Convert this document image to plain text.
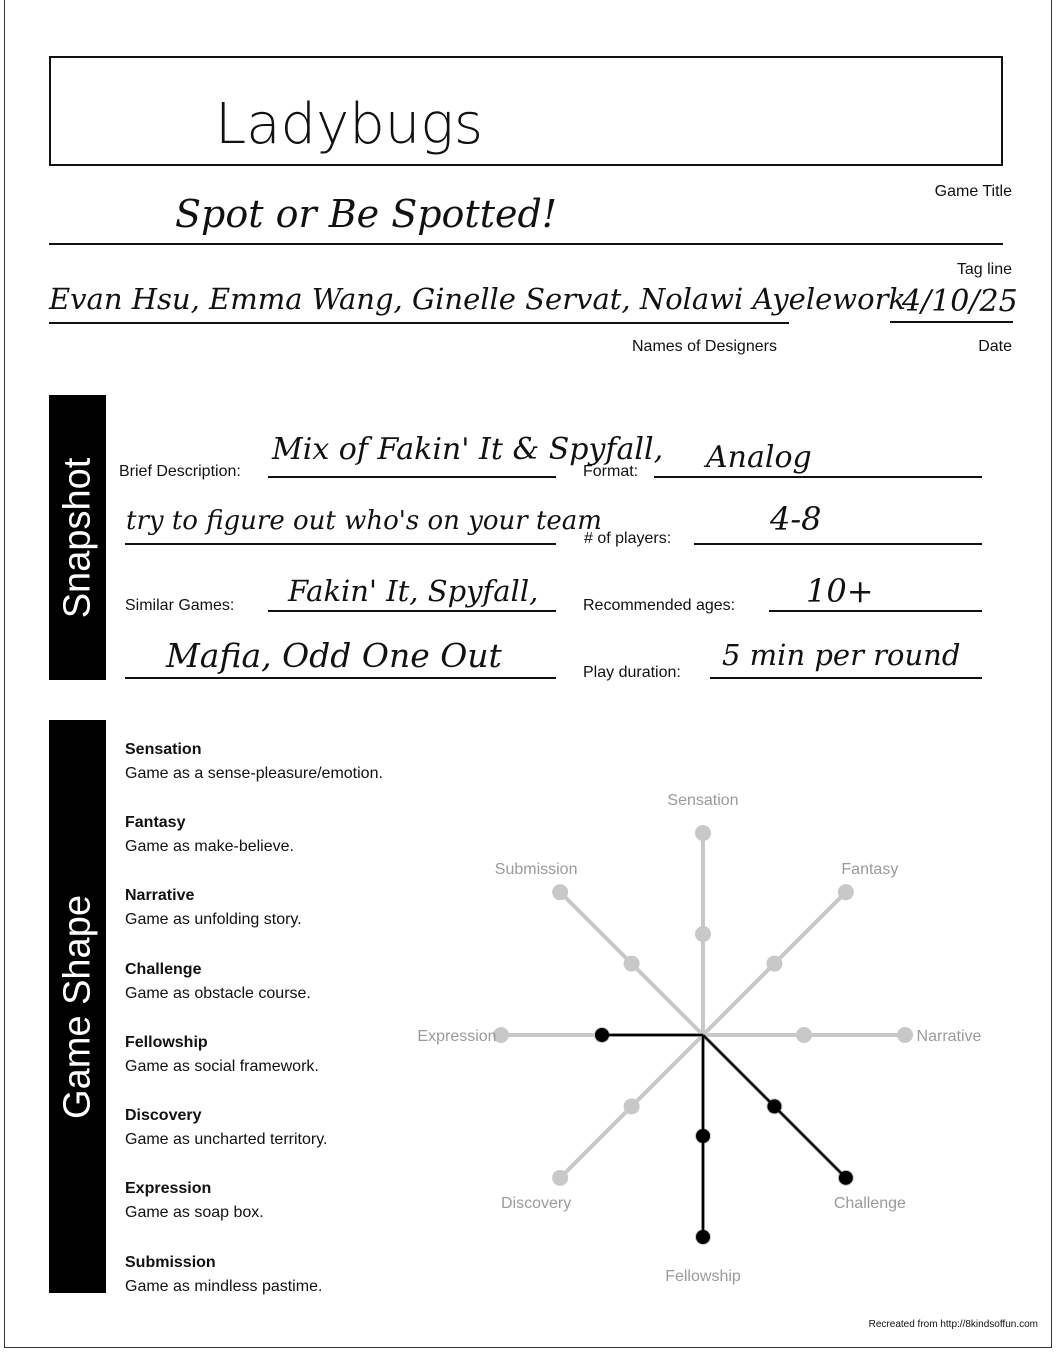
Ladybugs
Game Title
Spot or Be Spotted!
Tag line
Evan Hsu, Emma Wang, Ginelle Servat, Nolawi Ayelework
Names of Designers
4/10/25
Date
Snapshot Brief Description:
Mix of Fakin' It & Spyfall,
try to figure out who's on your team
Format: Analog
# of players:
4-8
Similar Games: Fakin' It, Spyfall,
Mafia, Odd One Out
Recommended ages: 10+
Play duration:
5 min per round
Game Shape
Sensation
Game as a sense-pleasure/emotion.
Fantasy
Game as make-believe.
Narrative
Game as unfolding story.
Challenge
Game as obstacle course.
Fellowship
Game as social framework.
Discovery
Game as uncharted territory.
Expression
Game as soap box.
Submission
Game as mindless pastime.
Sensation
Fantasy
Narrative
Challenge
Fellowship
Discovery
Expression
Submission
Recreated from http://8kindsoffun.com
